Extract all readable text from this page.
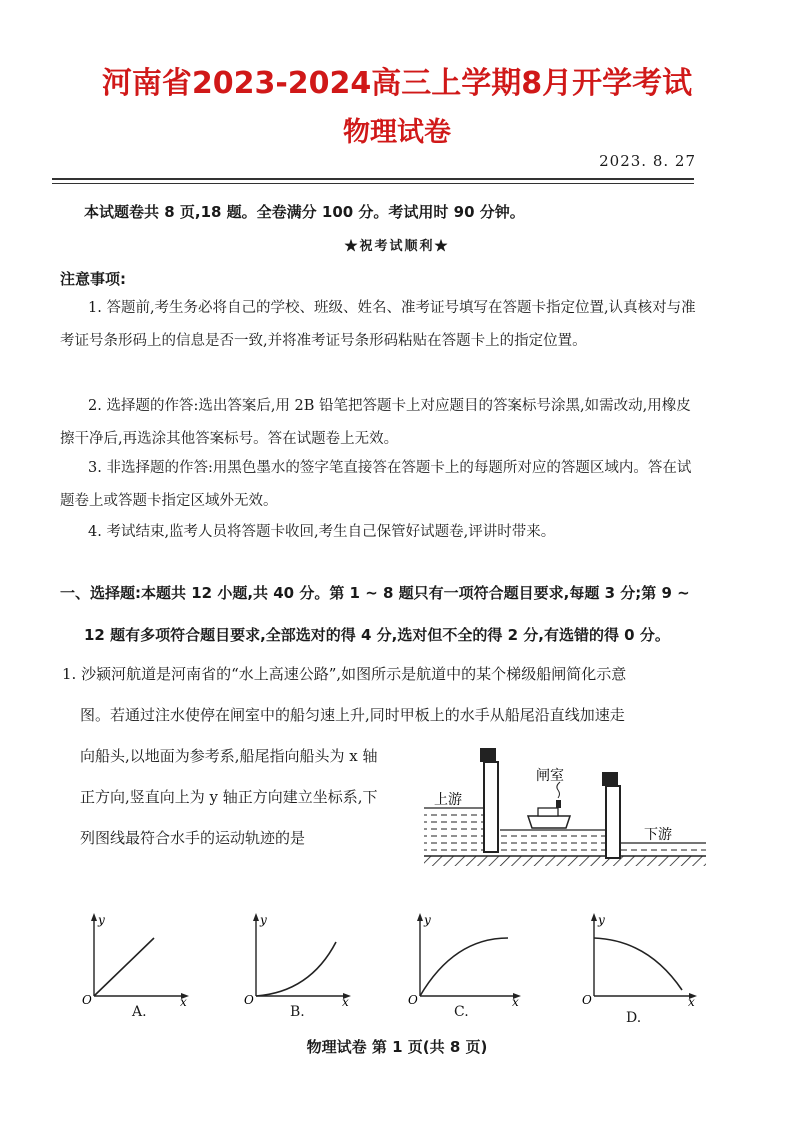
河南省2023-2024高三上学期8月开学考试
物理试卷
2023. 8. 27
本试题卷共 8 页,18 题。全卷满分 100 分。考试用时 90 分钟。
★祝考试顺利★
注意事项:
1. 答题前,考生务必将自己的学校、班级、姓名、准考证号填写在答题卡指定位置,认真核对与准考证号条形码上的信息是否一致,并将准考证号条形码粘贴在答题卡上的指定位置。
2. 选择题的作答:选出答案后,用 2B 铅笔把答题卡上对应题目的答案标号涂黑,如需改动,用橡皮擦干净后,再选涂其他答案标号。答在试题卷上无效。
3. 非选择题的作答:用黑色墨水的签字笔直接答在答题卡上的每题所对应的答题区域内。答在试题卷上或答题卡指定区域外无效。
4. 考试结束,监考人员将答题卡收回,考生自己保管好试题卷,评讲时带来。
一、选择题:本题共 12 小题,共 40 分。第 1 ~ 8 题只有一项符合题目要求,每题 3 分;第 9 ~
12 题有多项符合题目要求,全部选对的得 4 分,选对但不全的得 2 分,有选错的得 0 分。
1. 沙颍河航道是河南省的“水上高速公路”,如图所示是航道中的某个梯级船闸简化示意
图。若通过注水使停在闸室中的船匀速上升,同时甲板上的水手从船尾沿直线加速走
向船头,以地面为参考系,船尾指向船头为 x 轴
正方向,竖直向上为 y 轴正方向建立坐标系,下
列图线最符合水手的运动轨迹的是
上游
闸室
下游
y
x
O
A.
y
x
O
B.
y
x
O
C.
y
x
O
D.
物理试卷 第 1 页(共 8 页)
